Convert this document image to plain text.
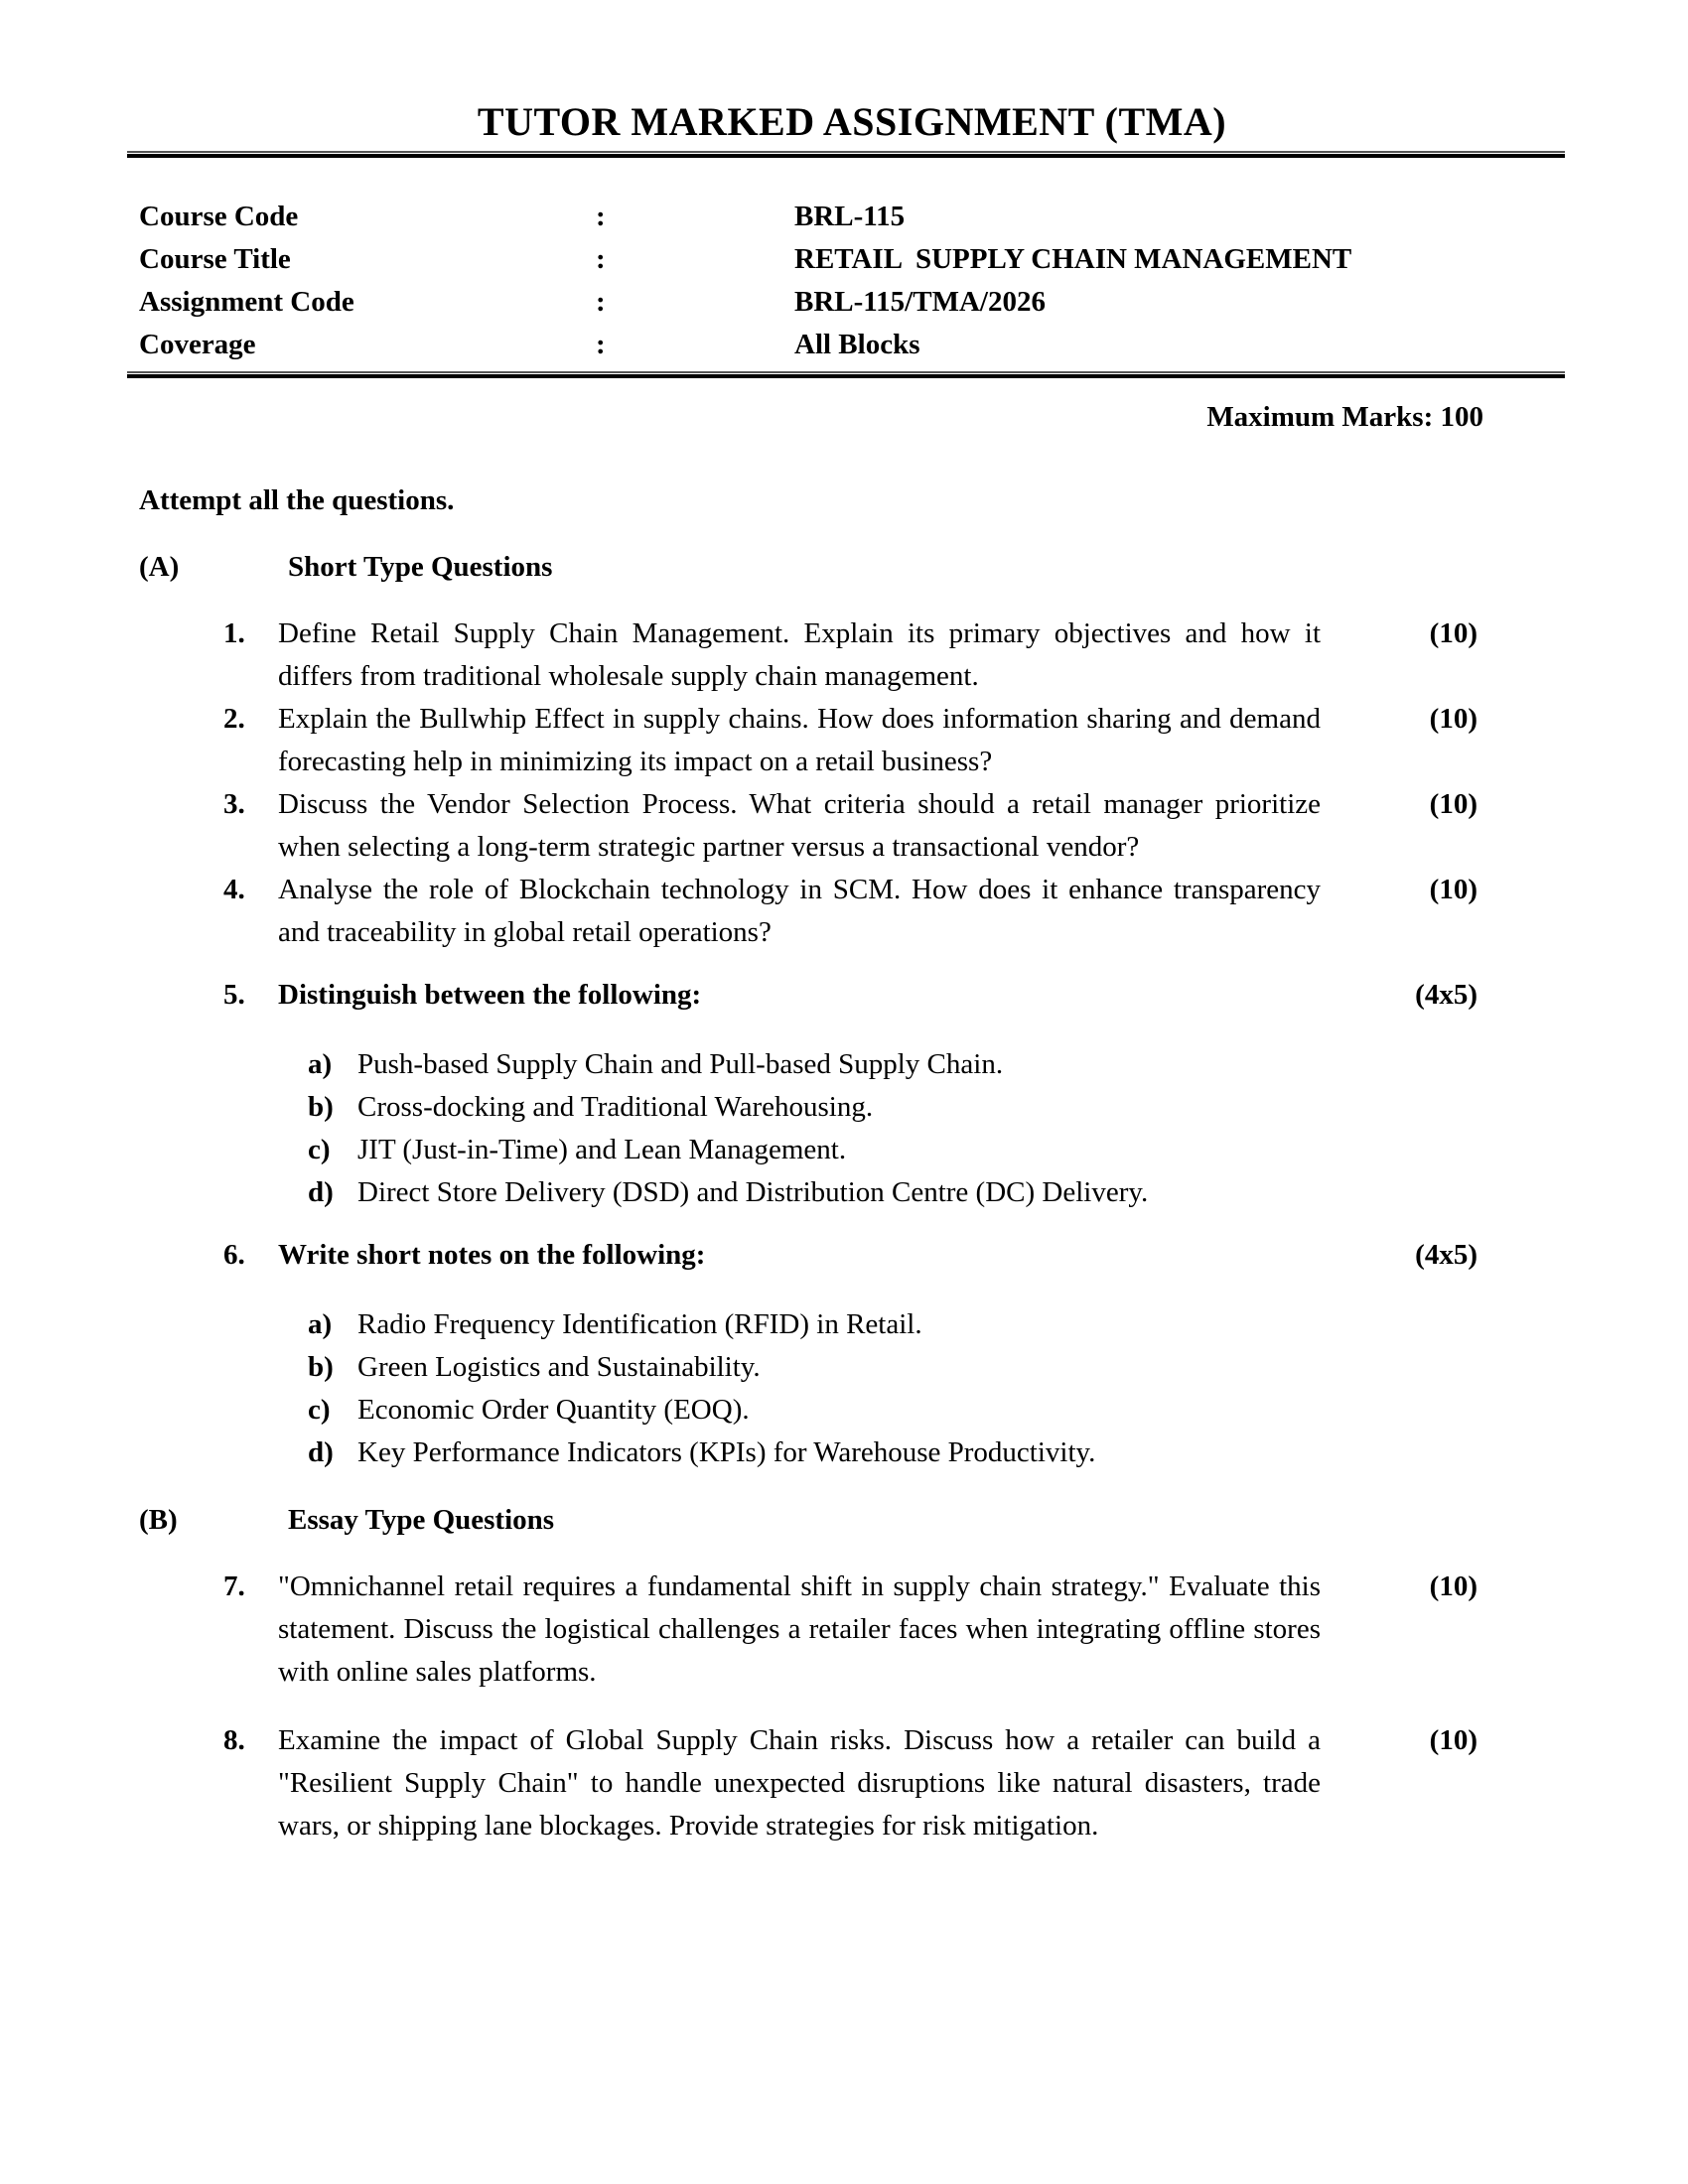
TUTOR MARKED ASSIGNMENT (TMA)
Course Code	:	BRL-115
Course Title	:	RETAIL  SUPPLY CHAIN MANAGEMENT
Assignment Code	:	BRL-115/TMA/2026
Coverage	:	All Blocks
Maximum Marks: 100
Attempt all the questions.
(A)	Short Type Questions
1.	Define Retail Supply Chain Management. Explain its primary objectives and how it differs from traditional wholesale supply chain management.
(10)
2.	Explain the Bullwhip Effect in supply chains. How does information sharing and demand forecasting help in minimizing its impact on a retail business?
(10)
3.	Discuss the Vendor Selection Process. What criteria should a retail manager prioritize when selecting a long-term strategic partner versus a transactional vendor?
(10)
4.	Analyse the role of Blockchain technology in SCM. How does it enhance transparency and traceability in global retail operations?
(10)
5.	Distinguish between the following:	(4x5)
a) Push-based Supply Chain and Pull-based Supply Chain.
b) Cross-docking and Traditional Warehousing.
c) JIT (Just-in-Time) and Lean Management.
d) Direct Store Delivery (DSD) and Distribution Centre (DC) Delivery.
6.	Write short notes on the following:	(4x5)
a) Radio Frequency Identification (RFID) in Retail.
b) Green Logistics and Sustainability.
c) Economic Order Quantity (EOQ).
d) Key Performance Indicators (KPIs) for Warehouse Productivity.
(B)	Essay Type Questions
7.	"Omnichannel retail requires a fundamental shift in supply chain strategy." Evaluate this statement. Discuss the logistical challenges a retailer faces when integrating offline stores with online sales platforms.
(10)
8.	Examine the impact of Global Supply Chain risks. Discuss how a retailer can build a "Resilient Supply Chain" to handle unexpected disruptions like natural disasters, trade wars, or shipping lane blockages. Provide strategies for risk mitigation.
(10)
